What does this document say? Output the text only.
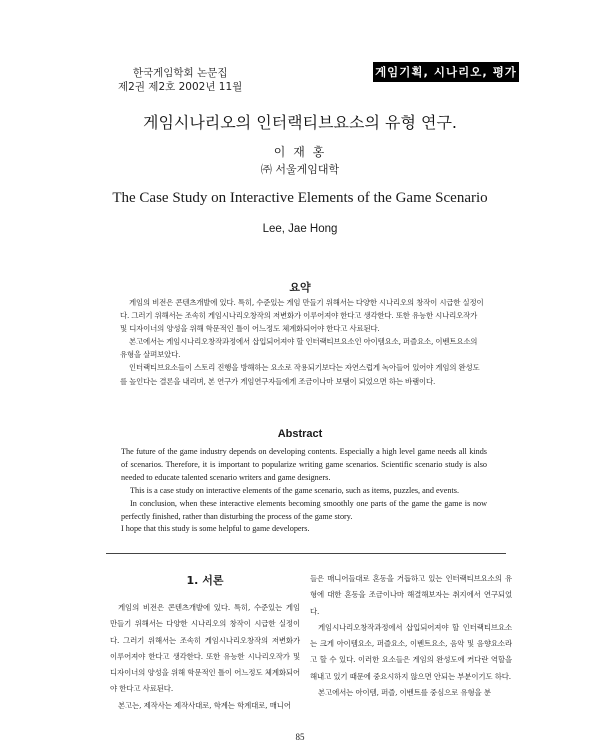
한국게임학회 논문집
제2권 제2호 2002년 11월
게임기획, 시나리오, 평가
게임시나리오의 인터랙티브요소의 유형 연구.
이 재 홍
㈜ 서울게임대학
The Case Study on Interactive Elements of the Game Scenario
Lee, Jae Hong
요약

게임의 비전은 콘텐츠개발에 있다. 특히, 수준있는 게임 만들기 위해서는 다양한 시나리오의 창작이 시급한 실정이다. 그러기 위해서는 조속히 게임시나리오창작의 저변화가 이루어져야 한다고 생각한다. 또한 유능한 시나리오작가 및 디자이너의 양성을 위해 학문적인 틀이 어느정도 체계화되어야 한다고 사료된다.

본고에서는 게임시나리오창작과정에서 삽입되어져야 할 인터랙티브요소인 아이템요소, 퍼즐요소, 이벤트요소의 유형을 살펴보았다.

인터랙티브요소들이 스토리 진행을 방해하는 요소로 작용되기보다는 자연스럽게 녹아들어 있어야 게임의 완성도를 높인다는 결론을 내리며, 본 연구가 게임연구자들에게 조금이나마 보탬이 되었으면 하는 바램이다.

Abstract

The future of the game industry depends on developing contents. Especially a high level game needs all kinds of scenarios. Therefore, it is important to popularize writing game scenarios. Scientific scenario study is also needed to educate talented scenario writers and game designers.

This is a case study on interactive elements of the game scenario, such as items, puzzles, and events.

In conclusion, when these interactive elements becoming smoothly one parts of the game the game is now perfectly finished, rather than disturbing the process of the game story.

I hope that this study is some helpful to game developers.

1. 서론

게임의 비전은 콘텐츠개발에 있다. 특히, 수준있는 게임 만들기 위해서는 다양한 시나리오의 창작이 시급한 실정이다. 그러기 위해서는 조속히 게임시나리오창작의 저변화가 이루어져야 한다고 생각한다. 또한 유능한 시나리오작가 및 디자이너의 양성을 위해 학문적인 틀이 어느정도 체계화되어야 한다고 사료된다.

본고는, 제작사는 제작사대로, 학계는 학계대로, 매니어

들은 매니어들대로 혼동을 거듭하고 있는 인터랙티브요소의 유형에 대한 혼동을 조금이나마 해결해보자는 취지에서 연구되었다.

게임시나리오창작과정에서 삽입되어져야 할 인터랙티브요소는 크게 아이템요소, 퍼즐요소, 이벤트요소, 음악 및 음향요소라고 할 수 있다. 이러한 요소들은 게임의 완성도에 커다란 역할을 해내고 있기 때문에 중요시하지 않으면 안되는 부분이기도 하다.

본고에서는 아이템, 퍼즐, 이벤트를 중심으로 유형을 분

85
